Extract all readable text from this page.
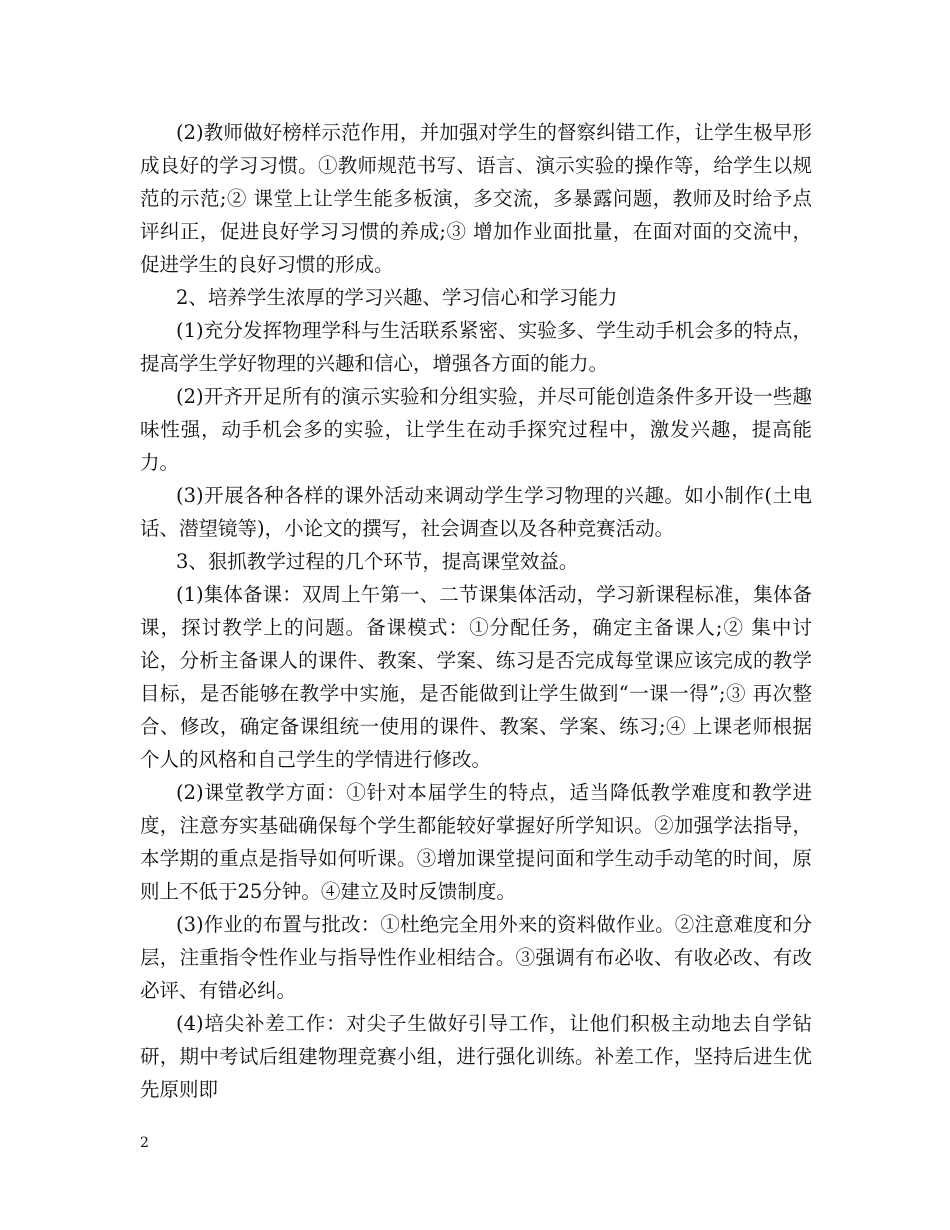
(2)教师做好榜样示范作用，并加强对学生的督察纠错工作，让学生极早形成良好的学习习惯。①教师规范书写、语言、演示实验的操作等，给学生以规范的示范;② 课堂上让学生能多板演，多交流，多暴露问题，教师及时给予点评纠正，促进良好学习习惯的养成;③ 增加作业面批量，在面对面的交流中，促进学生的良好习惯的形成。

2、培养学生浓厚的学习兴趣、学习信心和学习能力

(1)充分发挥物理学科与生活联系紧密、实验多、学生动手机会多的特点，提高学生学好物理的兴趣和信心，增强各方面的能力。

(2)开齐开足所有的演示实验和分组实验，并尽可能创造条件多开设一些趣味性强，动手机会多的实验，让学生在动手探究过程中，激发兴趣，提高能力。

(3)开展各种各样的课外活动来调动学生学习物理的兴趣。如小制作(土电话、潜望镜等)，小论文的撰写，社会调查以及各种竞赛活动。

3、狠抓教学过程的几个环节，提高课堂效益。

(1)集体备课：双周上午第一、二节课集体活动，学习新课程标准，集体备课，探讨教学上的问题。备课模式：①分配任务，确定主备课人;② 集中讨论，分析主备课人的课件、教案、学案、练习是否完成每堂课应该完成的教学目标，是否能够在教学中实施，是否能做到让学生做到“一课一得”;③ 再次整合、修改，确定备课组统一使用的课件、教案、学案、练习;④ 上课老师根据个人的风格和自己学生的学情进行修改。

(2)课堂教学方面：①针对本届学生的特点，适当降低教学难度和教学进度，注意夯实基础确保每个学生都能较好掌握好所学知识。②加强学法指导，本学期的重点是指导如何听课。③增加课堂提问面和学生动手动笔的时间，原则上不低于25分钟。④建立及时反馈制度。

(3)作业的布置与批改：①杜绝完全用外来的资料做作业。②注意难度和分层，注重指令性作业与指导性作业相结合。③强调有布必收、有收必改、有改必评、有错必纠。

(4)培尖补差工作：对尖子生做好引导工作，让他们积极主动地去自学钻研，期中考试后组建物理竞赛小组，进行强化训练。补差工作，坚持后进生优先原则即

2
